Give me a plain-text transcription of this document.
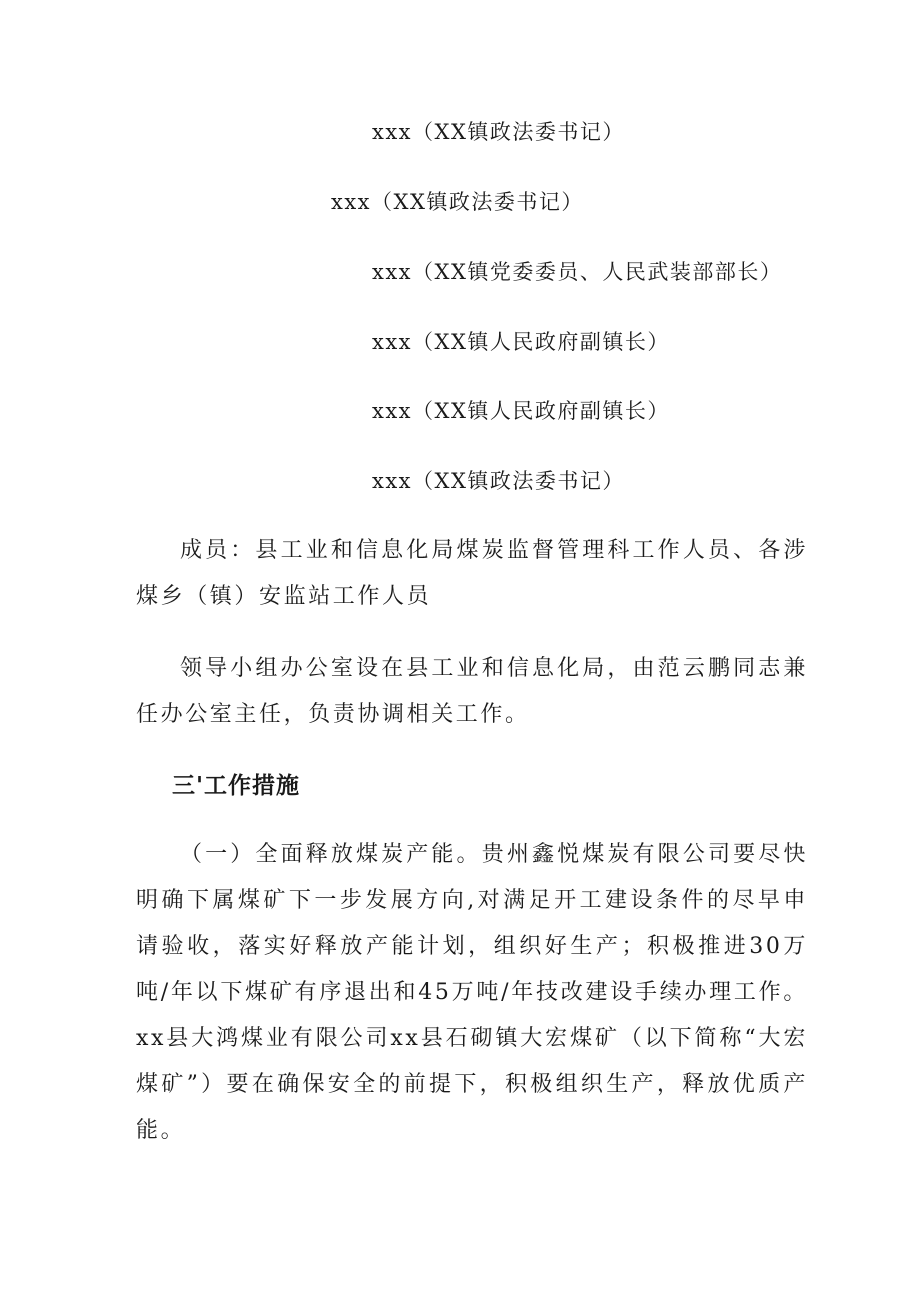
xxx（XX镇政法委书记）
xxx（XX镇政法委书记）
xxx（XX镇党委委员、人民武装部部长）
xxx（XX镇人民政府副镇长）
xxx（XX镇人民政府副镇长）
xxx（XX镇政法委书记）
成员：县工业和信息化局煤炭监督管理科工作人员、各涉煤乡（镇）安监站工作人员
领导小组办公室设在县工业和信息化局，由范云鹏同志兼任办公室主任，负责协调相关工作。
三'工作措施
（一）全面释放煤炭产能。贵州鑫悦煤炭有限公司要尽快明确下属煤矿下一步发展方向,对满足开工建设条件的尽早申请验收，落实好释放产能计划，组织好生产；积极推进30万吨/年以下煤矿有序退出和45万吨/年技改建设手续办理工作。xx县大鸿煤业有限公司xx县石砌镇大宏煤矿（以下简称“大宏煤矿”）要在确保安全的前提下，积极组织生产，释放优质产能。
